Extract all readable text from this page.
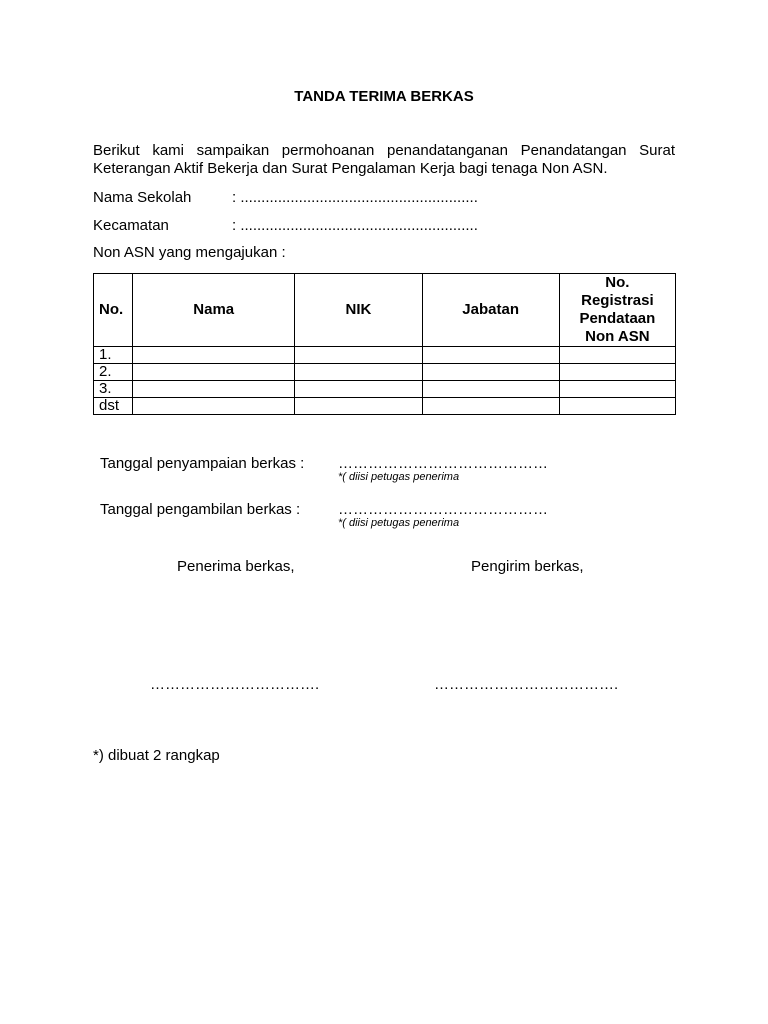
TANDA TERIMA BERKAS
Berikut kami sampaikan permohoanan penandatanganan Penandatangan Surat
Keterangan Aktif Bekerja dan Surat Pengalaman Kerja bagi tenaga Non ASN.
Nama Sekolah	: .........................................................
Kecamatan	: .........................................................
Non ASN yang mengajukan :
No.	Nama	NIK	Jabatan	No.
Registrasi
Pendataan
Non ASN

1.				
2.				
3.				
dst				
Tanggal penyampaian berkas : ……………………………………
*( diisi petugas penerima
Tanggal pengambilan berkas :	……………………………………
*( diisi petugas penerima
Penerima berkas,	Pengirim berkas,
…………………………….	……………………………….
*) dibuat 2 rangkap
